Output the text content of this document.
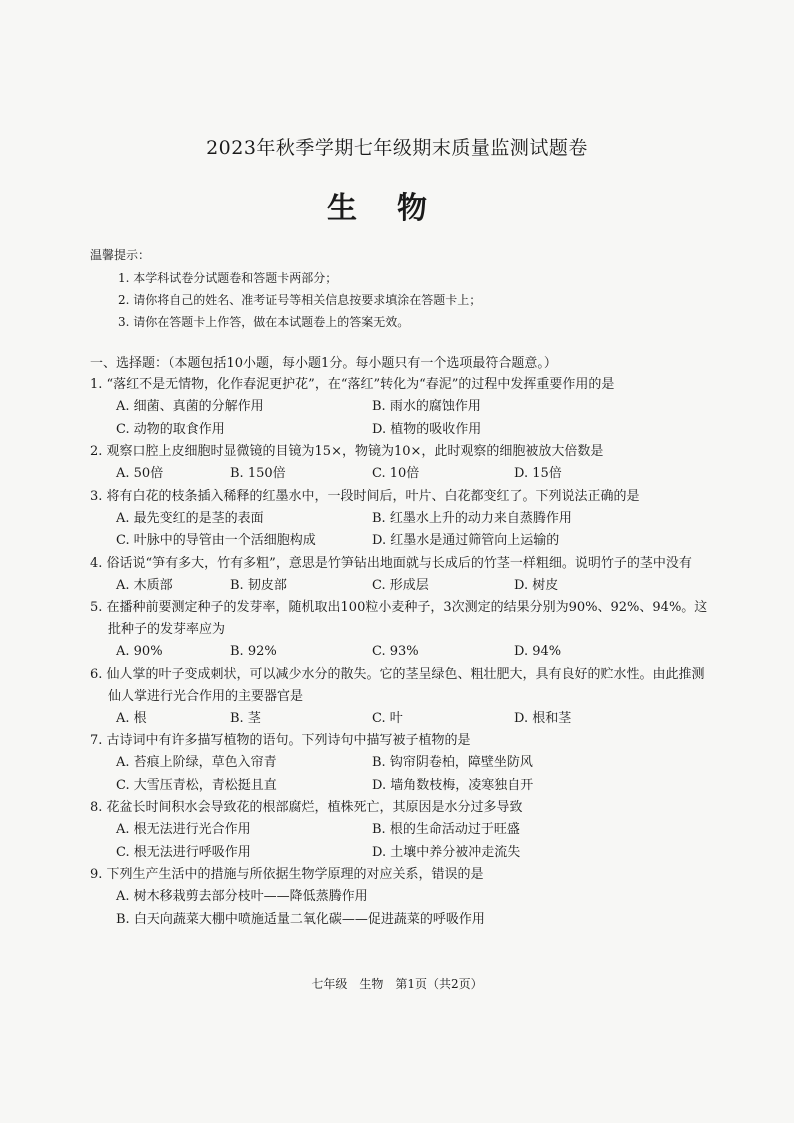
2023年秋季学期七年级期末质量监测试题卷
生物
温馨提示：
1. 本学科试卷分试题卷和答题卡两部分；
2. 请你将自己的姓名、准考证号等相关信息按要求填涂在答题卡上；
3. 请你在答题卡上作答，做在本试题卷上的答案无效。
一、选择题：（本题包括10小题，每小题1分。每小题只有一个选项最符合题意。）
1. “落红不是无情物，化作春泥更护花”，在“落红”转化为“春泥”的过程中发挥重要作用的是
A. 细菌、真菌的分解作用	B. 雨水的腐蚀作用
C. 动物的取食作用	D. 植物的吸收作用
2. 观察口腔上皮细胞时显微镜的目镜为15×，物镜为10×，此时观察的细胞被放大倍数是
A. 50倍	B. 150倍	C. 10倍	D. 15倍
3. 将有白花的枝条插入稀释的红墨水中，一段时间后，叶片、白花都变红了。下列说法正确的是
A. 最先变红的是茎的表面	B. 红墨水上升的动力来自蒸腾作用
C. 叶脉中的导管由一个活细胞构成	D. 红墨水是通过筛管向上运输的
4. 俗话说“笋有多大，竹有多粗”，意思是竹笋钻出地面就与长成后的竹茎一样粗细。说明竹子的茎中没有
A. 木质部	B. 韧皮部	C. 形成层	D. 树皮
5. 在播种前要测定种子的发芽率，随机取出100粒小麦种子，3次测定的结果分别为90%、92%、94%。这批种子的发芽率应为
A. 90%	B. 92%	C. 93%	D. 94%
6. 仙人掌的叶子变成刺状，可以减少水分的散失。它的茎呈绿色、粗壮肥大，具有良好的贮水性。由此推测仙人掌进行光合作用的主要器官是
A. 根	B. 茎	C. 叶	D. 根和茎
7. 古诗词中有许多描写植物的语句。下列诗句中描写被子植物的是
A. 苔痕上阶绿，草色入帘青	B. 钩帘阴卷柏，障壁坐防风
C. 大雪压青松，青松挺且直	D. 墙角数枝梅，凌寒独自开
8. 花盆长时间积水会导致花的根部腐烂，植株死亡，其原因是水分过多导致
A. 根无法进行光合作用	B. 根的生命活动过于旺盛
C. 根无法进行呼吸作用	D. 土壤中养分被冲走流失
9. 下列生产生活中的措施与所依据生物学原理的对应关系，错误的是
A. 树木移栽剪去部分枝叶——降低蒸腾作用
B. 白天向蔬菜大棚中喷施适量二氧化碳——促进蔬菜的呼吸作用
七年级　生物　第1页（共2页）
